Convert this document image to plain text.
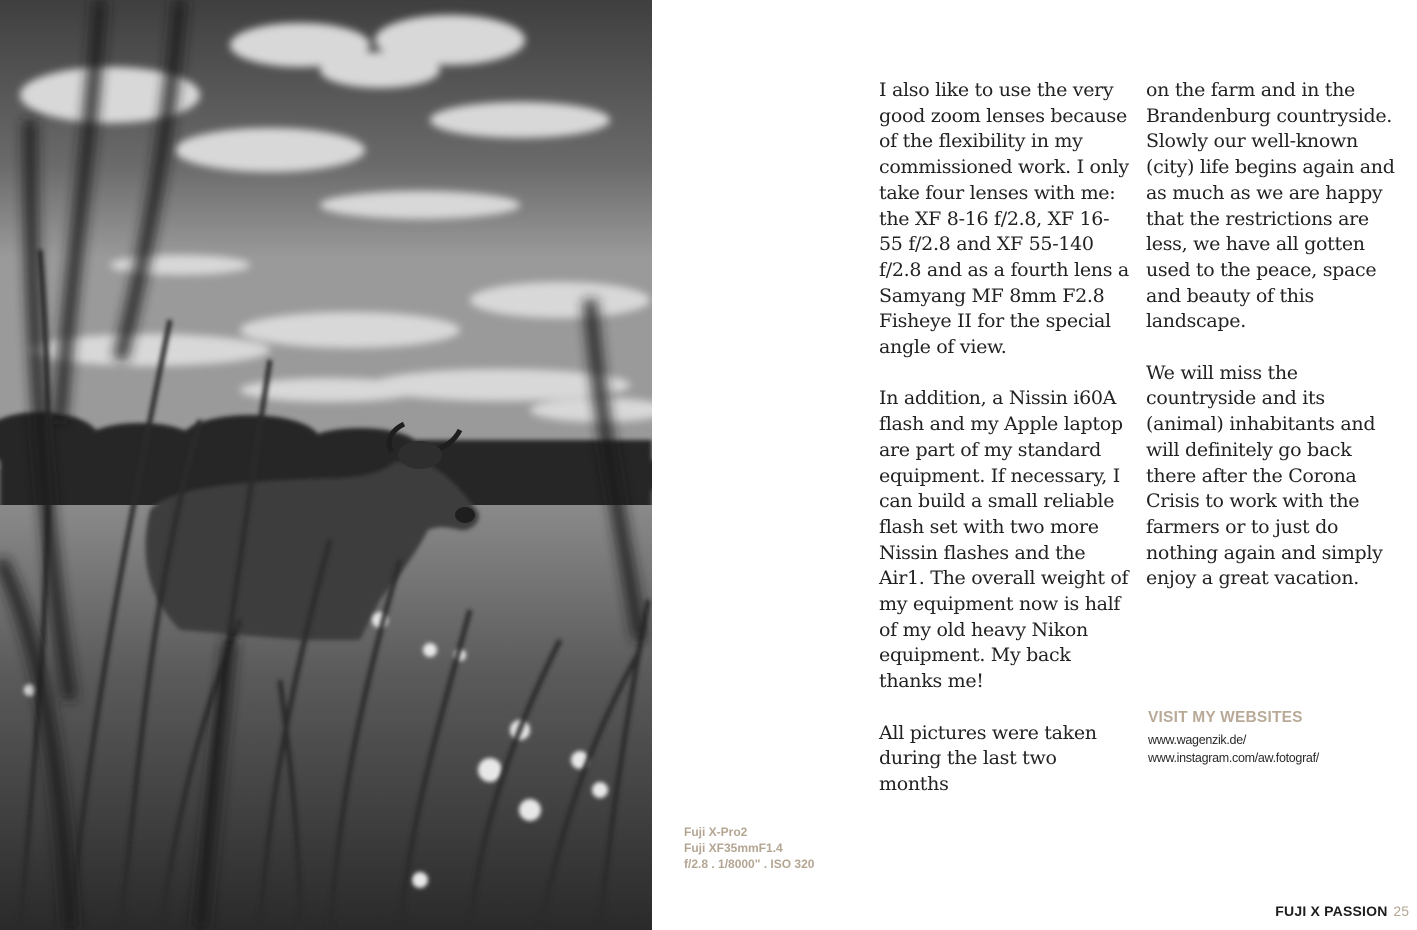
I also like to use the very good zoom lenses because of the flexibility in my commissioned work. I only take four lenses with me: the XF 8-16 f/2.8, XF 16-55 f/2.8 and XF 55-140 f/2.8 and as a fourth lens a Samyang MF 8mm F2.8 Fisheye II for the special angle of view.

In addition, a Nissin i60A flash and my Apple laptop are part of my standard equipment. If necessary, I can build a small reliable flash set with two more Nissin flashes and the Air1. The overall weight of my equipment now is half of my old heavy Nikon equipment. My back thanks me!

All pictures were taken during the last two months

on the farm and in the Brandenburg countryside. Slowly our well-known (city) life begins again and as much as we are happy that the restrictions are less, we have all gotten used to the peace, space and beauty of this landscape.

We will miss the countryside and its (animal) inhabitants and will definitely go back there after the Corona Crisis to work with the farmers or to just do nothing again and simply enjoy a great vacation.

VISIT MY WEBSITES
www.wagenzik.de/
www.instagram.com/aw.fotograf/
Fuji X-Pro2
Fuji XF35mmF1.4
f/2.8 . 1/8000" . ISO 320
FUJI X PASSION 25
